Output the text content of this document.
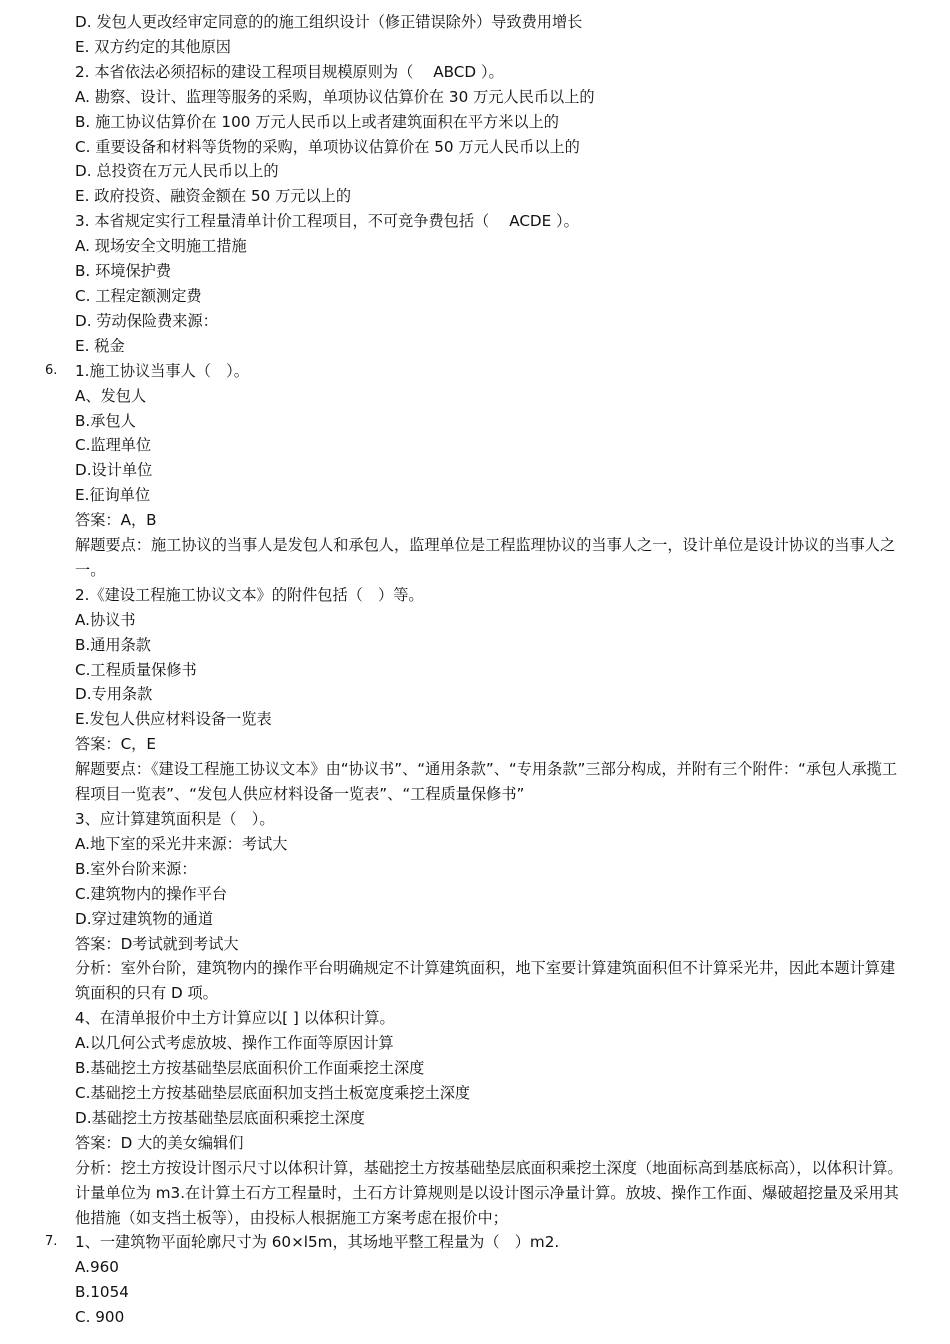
D. 发包人更改经审定同意的的施工组织设计（修正错误除外）导致费用增长
E. 双方约定的其他原因
2. 本省依法必须招标的建设工程项目规模原则为（　 ABCD ）。
A. 勘察、设计、监理等服务的采购，单项协议估算价在 30 万元人民币以上的
B. 施工协议估算价在 100 万元人民币以上或者建筑面积在平方米以上的
C. 重要设备和材料等货物的采购，单项协议估算价在 50 万元人民币以上的
D. 总投资在万元人民币以上的
E. 政府投资、融资金额在 50 万元以上的
3. 本省规定实行工程量清单计价工程项目，不可竞争费包括（　 ACDE ）。
A. 现场安全文明施工措施
B. 环境保护费
C. 工程定额测定费
D. 劳动保险费来源：
E. 税金
6. 1.施工协议当事人（　）。
A、发包人
B.承包人
C.监理单位
D.设计单位
E.征询单位
答案：A，B
解题要点：施工协议的当事人是发包人和承包人，监理单位是工程监理协议的当事人之一，设计单位是设计协议的当事人之一。
2.《建设工程施工协议文本》的附件包括（　）等。
A.协议书
B.通用条款
C.工程质量保修书
D.专用条款
E.发包人供应材料设备一览表
答案：C，E
解题要点：《建设工程施工协议文本》由“协议书”、“通用条款”、“专用条款”三部分构成，并附有三个附件：“承包人承揽工程项目一览表”、“发包人供应材料设备一览表”、“工程质量保修书”
3、应计算建筑面积是（　）。
A.地下室的采光井来源：考试大
B.室外台阶来源：
C.建筑物内的操作平台
D.穿过建筑物的通道
答案：D考试就到考试大
分析：室外台阶，建筑物内的操作平台明确规定不计算建筑面积，地下室要计算建筑面积但不计算采光井，因此本题计算建筑面积的只有 D 项。
4、在清单报价中土方计算应以[ ] 以体积计算。
A.以几何公式考虑放坡、操作工作面等原因计算
B.基础挖土方按基础垫层底面积价工作面乘挖土深度
C.基础挖土方按基础垫层底面积加支挡土板宽度乘挖土深度
D.基础挖土方按基础垫层底面积乘挖土深度
答案：D 大的美女编辑们
分析：挖土方按设计图示尺寸以体积计算，基础挖土方按基础垫层底面积乘挖土深度（地面标高到基底标高），以体积计算。计量单位为 m3.在计算土石方工程量时，土石方计算规则是以设计图示净量计算。放坡、操作工作面、爆破超挖量及采用其他措施（如支挡土板等），由投标人根据施工方案考虑在报价中；
7. 1、一建筑物平面轮廓尺寸为 60×l5m，其场地平整工程量为（　）m2.
A.960
B.1054
C. 900
